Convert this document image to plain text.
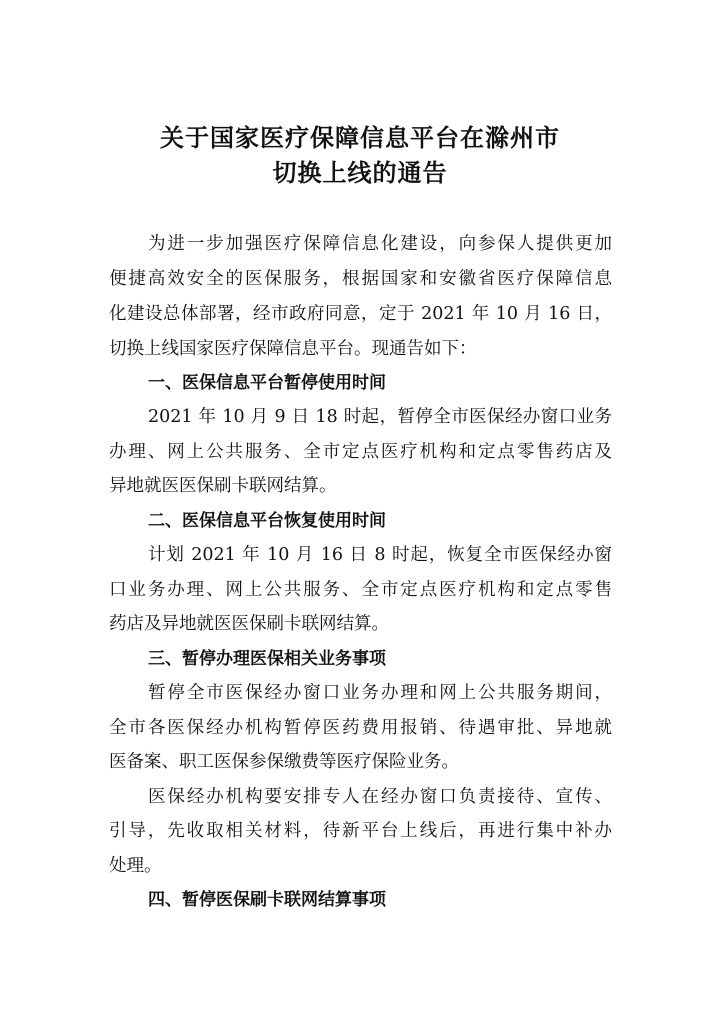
关于国家医疗保障信息平台在滁州市
切换上线的通告
为进一步加强医疗保障信息化建设，向参保人提供更加
便捷高效安全的医保服务，根据国家和安徽省医疗保障信息
化建设总体部署，经市政府同意，定于 2021 年 10 月 16 日，
切换上线国家医疗保障信息平台。现通告如下：
一、医保信息平台暂停使用时间
2021 年 10 月 9 日 18 时起，暂停全市医保经办窗口业务
办理、网上公共服务、全市定点医疗机构和定点零售药店及
异地就医医保刷卡联网结算。
二、医保信息平台恢复使用时间
计划 2021 年 10 月 16 日 8 时起，恢复全市医保经办窗
口业务办理、网上公共服务、全市定点医疗机构和定点零售
药店及异地就医医保刷卡联网结算。
三、暂停办理医保相关业务事项
暂停全市医保经办窗口业务办理和网上公共服务期间，
全市各医保经办机构暂停医药费用报销、待遇审批、异地就
医备案、职工医保参保缴费等医疗保险业务。
医保经办机构要安排专人在经办窗口负责接待、宣传、
引导，先收取相关材料，待新平台上线后，再进行集中补办
处理。
四、暂停医保刷卡联网结算事项
